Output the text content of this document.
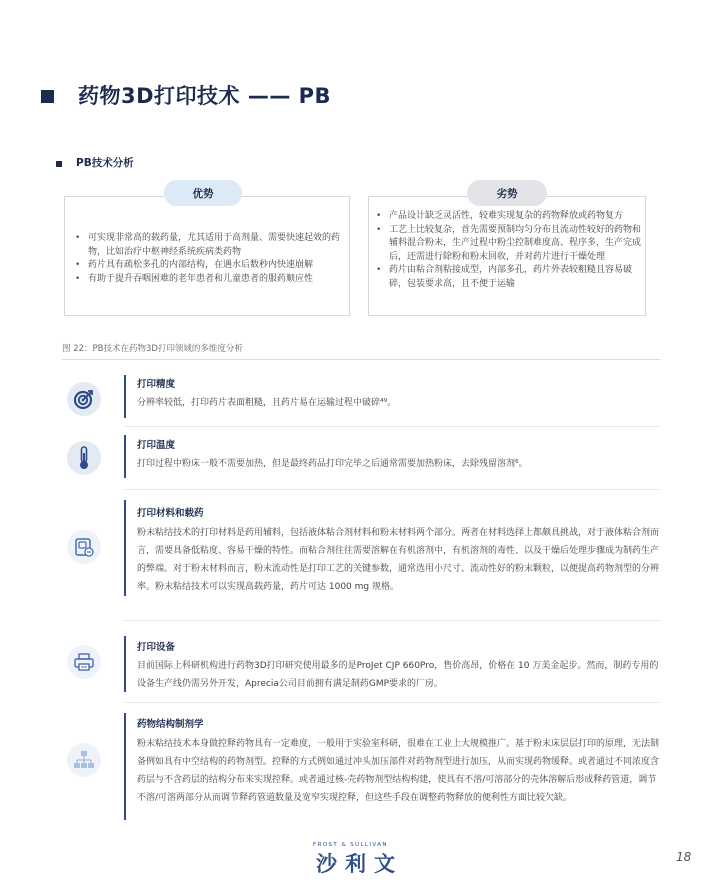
药物3D打印技术 —— PB
PB技术分析
优势
• 可实现非常高的载药量，尤其适用于高剂量、需要快速起效的药物，比如治疗中枢神经系统疾病类药物
• 药片具有疏松多孔的内部结构，在遇水后数秒内快速崩解
• 有助于提升吞咽困难的老年患者和儿童患者的服药顺应性
劣势
• 产品设计缺乏灵活性，较难实现复杂的药物释放或药物复方
• 工艺上比较复杂，首先需要预制均匀分布且流动性较好的药物和辅料混合粉末，生产过程中粉尘控制难度高、程序多，生产完成后，还需进行除粉和粉末回收，并对药片进行干燥处理
• 药片由粘合剂粘接成型，内部多孔，药片外表较粗糙且容易破碎，包装要求高，且不便于运输
图 22：PB技术在药物3D打印领域的多维度分析
打印精度
分辨率较低，打印药片表面粗糙，且药片易在运输过程中破碎⁴⁹。
打印温度
打印过程中粉床一般不需要加热，但是最终药品打印完毕之后通常需要加热粉床，去除残留溶剂⁶。
打印材料和载药
粉末粘结技术的打印材料是药用辅料，包括液体粘合剂材料和粉末材料两个部分。两者在材料选择上都颇具挑战，对于液体粘合剂而言，需要具备低粘度、容易干燥的特性。而粘合剂往往需要溶解在有机溶剂中，有机溶剂的毒性、以及干燥后处理步骤成为制药生产的弊端。对于粉末材料而言，粉末流动性是打印工艺的关键参数，通常选用小尺寸、流动性好的粉末颗粒，以便提高药物剂型的分辨率。粉末粘结技术可以实现高载药量，药片可达 1000 mg 规格。
打印设备
目前国际上科研机构进行药物3D打印研究使用最多的是ProJet CJP 660Pro，售价高昂，价格在 10 万美金起步。然而，制药专用的设备生产线仍需另外开发，Aprecia公司目前拥有满足制药GMP要求的厂房。
药物结构制剂学
粉末粘结技术本身做控释药物具有一定难度，一般用于实验室科研，很难在工业上大规模推广。基于粉末床层层打印的原理，无法制备例如具有中空结构的药物剂型。控释的方式例如通过冲头加压部件对药物剂型进行加压，从而实现药物缓释。或者通过不同浓度含药层与不含药层的结构分布来实现控释。或者通过核-壳药物剂型结构构建，使具有不溶/可溶部分的壳体溶解后形成释药管道，调节不溶/可溶两部分从而调节释药管道数量及宽窄实现控释，但这些手段在调整药物释放的便利性方面比较欠缺。
FROST & SULLIVAN
沙利文	18
